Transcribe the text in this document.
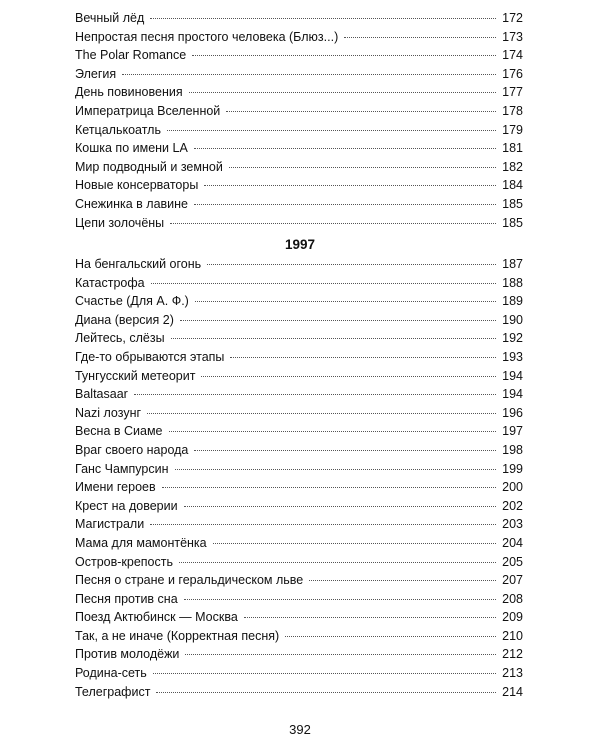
Вечный лёд	172
Непростая песня простого человека (Блюз...)	173
The Polar Romance	174
Элегия	176
День повиновения	177
Императрица Вселенной	178
Кетцалькоатль	179
Кошка по имени LA	181
Мир подводный и земной	182
Новые консерваторы	184
Снежинка в лавине	185
Цепи золочёны	185
1997
На бенгальский огонь	187
Катастрофа	188
Счастье (Для А. Ф.)	189
Диана (версия 2)	190
Лейтесь, слёзы	192
Где-то обрываются этапы	193
Тунгусский метеорит	194
Baltasaar	194
Nazi лозунг	196
Весна в Сиаме	197
Враг своего народа	198
Ганс Чампурсин	199
Имени героев	200
Крест на доверии	202
Магистрали	203
Мама для мамонтёнка	204
Остров-крепость	205
Песня о стране и геральдическом льве	207
Песня против сна	208
Поезд Актюбинск — Москва	209
Так, а не иначе (Корректная песня)	210
Против молодёжи	212
Родина-сеть	213
Телеграфист	214
392
